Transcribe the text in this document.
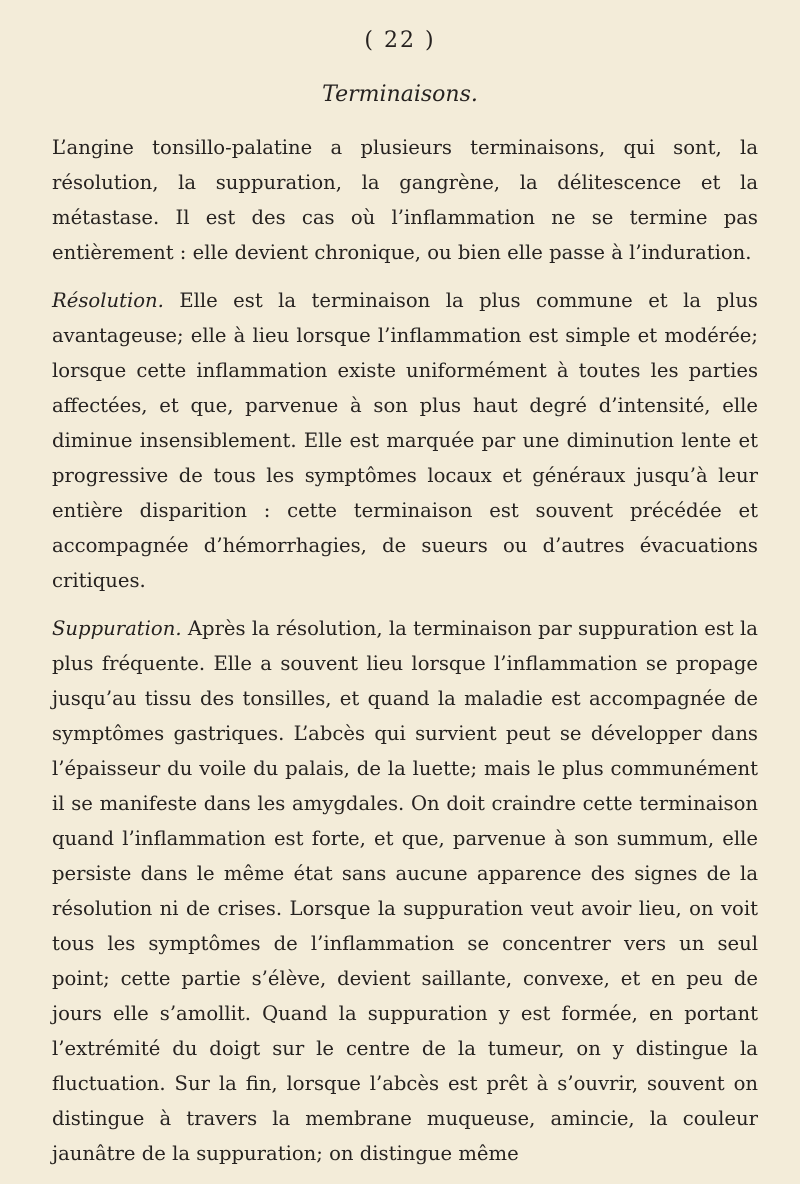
( 22 )
Terminaisons.

L’angine tonsillo-palatine a plusieurs terminaisons, qui sont, la résolution, la suppuration, la gangrène, la délitescence et la métastase. Il est des cas où l’inflammation ne se termine pas entièrement : elle devient chronique, ou bien elle passe à l’induration.

Résolution. Elle est la terminaison la plus commune et la plus avantageuse; elle à lieu lorsque l’inflammation est simple et modérée; lorsque cette inflammation existe uniformément à toutes les parties affectées, et que, parvenue à son plus haut degré d’intensité, elle diminue insensiblement. Elle est marquée par une diminution lente et progressive de tous les symptômes locaux et généraux jusqu’à leur entière disparition : cette terminaison est souvent précédée et accompagnée d’hémorrhagies, de sueurs ou d’autres évacuations critiques.

Suppuration. Après la résolution, la terminaison par suppuration est la plus fréquente. Elle a souvent lieu lorsque l’inflammation se propage jusqu’au tissu des tonsilles, et quand la maladie est accompagnée de symptômes gastriques. L’abcès qui survient peut se développer dans l’épaisseur du voile du palais, de la luette; mais le plus communément il se manifeste dans les amygdales. On doit craindre cette terminaison quand l’inflammation est forte, et que, parvenue à son summum, elle persiste dans le même état sans aucune apparence des signes de la résolution ni de crises. Lorsque la suppuration veut avoir lieu, on voit tous les symptômes de l’inflammation se concentrer vers un seul point; cette partie s’élève, devient saillante, convexe, et en peu de jours elle s’amollit. Quand la suppuration y est formée, en portant l’extrémité du doigt sur le centre de la tumeur, on y distingue la fluctuation. Sur la fin, lorsque l’abcès est prêt à s’ouvrir, souvent on distingue à travers la membrane muqueuse, amincie, la couleur jaunâtre de la suppuration; on distingue même
